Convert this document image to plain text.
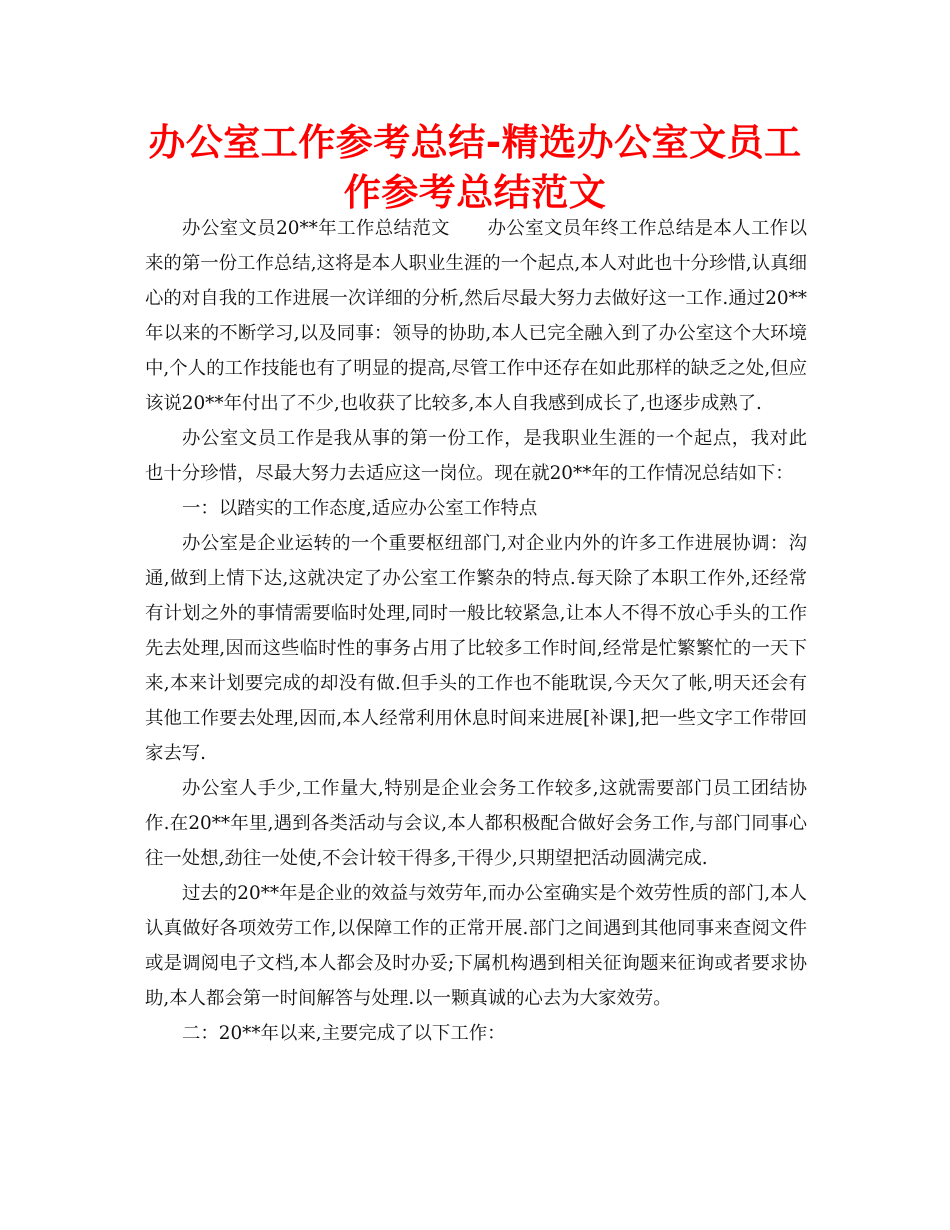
办公室工作参考总结-精选办公室文员工作参考总结范文

办公室文员20**年工作总结范文　　办公室文员年终工作总结是本人工作以来的第一份工作总结,这将是本人职业生涯的一个起点,本人对此也十分珍惜,认真细心的对自我的工作进展一次详细的分析,然后尽最大努力去做好这一工作.通过20**年以来的不断学习,以及同事：领导的协助,本人已完全融入到了办公室这个大环境中,个人的工作技能也有了明显的提高,尽管工作中还存在如此那样的缺乏之处,但应该说20**年付出了不少,也收获了比较多,本人自我感到成长了,也逐步成熟了.

办公室文员工作是我从事的第一份工作，是我职业生涯的一个起点，我对此也十分珍惜，尽最大努力去适应这一岗位。现在就20**年的工作情况总结如下：

一：以踏实的工作态度,适应办公室工作特点

办公室是企业运转的一个重要枢纽部门,对企业内外的许多工作进展协调：沟通,做到上情下达,这就决定了办公室工作繁杂的特点.每天除了本职工作外,还经常有计划之外的事情需要临时处理,同时一般比较紧急,让本人不得不放心手头的工作先去处理,因而这些临时性的事务占用了比较多工作时间,经常是忙繁繁忙的一天下来,本来计划要完成的却没有做.但手头的工作也不能耽误,今天欠了帐,明天还会有其他工作要去处理,因而,本人经常利用休息时间来进展[补课],把一些文字工作带回家去写.

办公室人手少,工作量大,特别是企业会务工作较多,这就需要部门员工团结协作.在20**年里,遇到各类活动与会议,本人都积极配合做好会务工作,与部门同事心往一处想,劲往一处使,不会计较干得多,干得少,只期望把活动圆满完成.

过去的20**年是企业的效益与效劳年,而办公室确实是个效劳性质的部门,本人认真做好各项效劳工作,以保障工作的正常开展.部门之间遇到其他同事来查阅文件或是调阅电子文档,本人都会及时办妥;下属机构遇到相关征询题来征询或者要求协助,本人都会第一时间解答与处理.以一颗真诚的心去为大家效劳。

二：20**年以来,主要完成了以下工作：
